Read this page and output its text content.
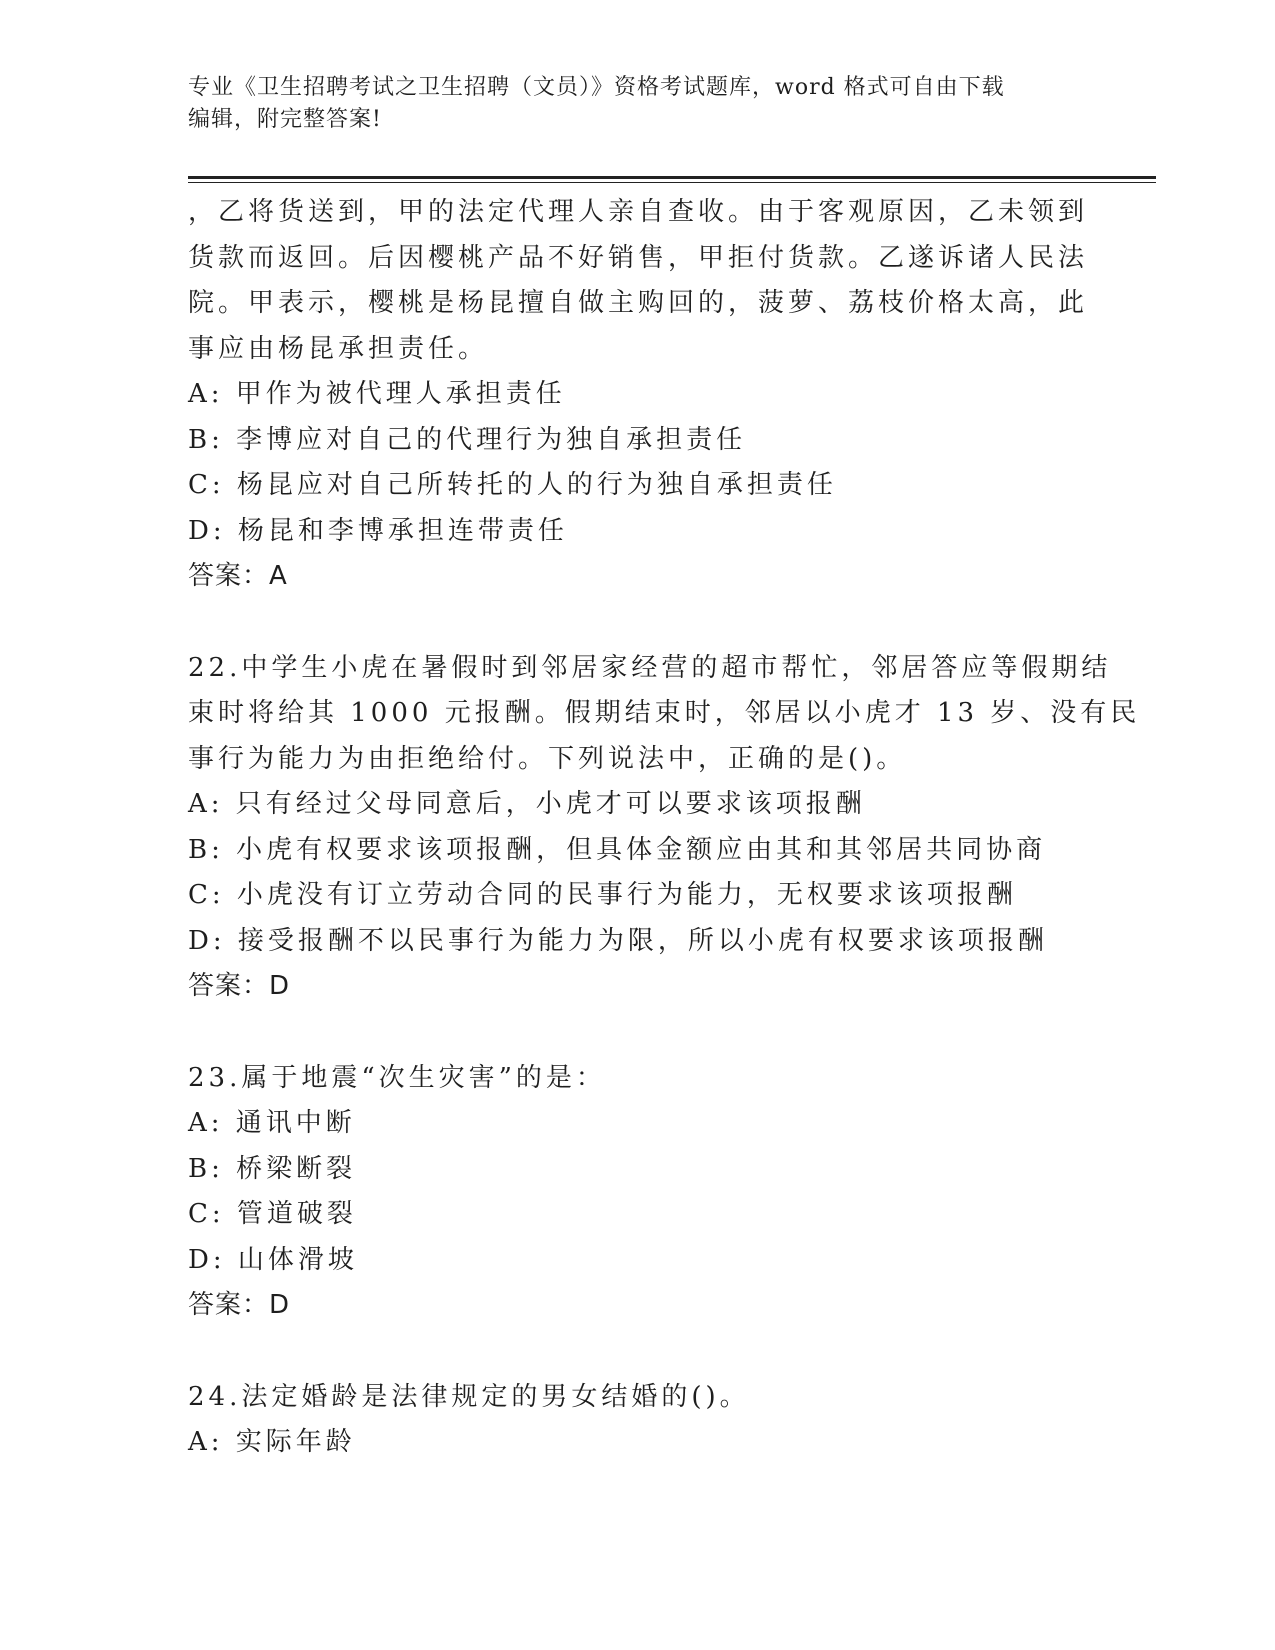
专业《卫生招聘考试之卫生招聘（文员）》资格考试题库，word 格式可自由下载
编辑，附完整答案!
，乙将货送到，甲的法定代理人亲自查收。由于客观原因，乙未领到
货款而返回。后因樱桃产品不好销售，甲拒付货款。乙遂诉诸人民法
院。甲表示，樱桃是杨昆擅自做主购回的，菠萝、荔枝价格太高，此
事应由杨昆承担责任。
A: 甲作为被代理人承担责任
B: 李博应对自己的代理行为独自承担责任
C: 杨昆应对自己所转托的人的行为独自承担责任
D: 杨昆和李博承担连带责任
答案：A
22.中学生小虎在暑假时到邻居家经营的超市帮忙，邻居答应等假期结
束时将给其 1000 元报酬。假期结束时，邻居以小虎才 13 岁、没有民
事行为能力为由拒绝给付。下列说法中，正确的是()。
A: 只有经过父母同意后，小虎才可以要求该项报酬
B: 小虎有权要求该项报酬，但具体金额应由其和其邻居共同协商
C: 小虎没有订立劳动合同的民事行为能力，无权要求该项报酬
D: 接受报酬不以民事行为能力为限，所以小虎有权要求该项报酬
答案：D
23.属于地震“次生灾害”的是：
A: 通讯中断
B: 桥梁断裂
C: 管道破裂
D: 山体滑坡
答案：D
24.法定婚龄是法律规定的男女结婚的()。
A: 实际年龄
